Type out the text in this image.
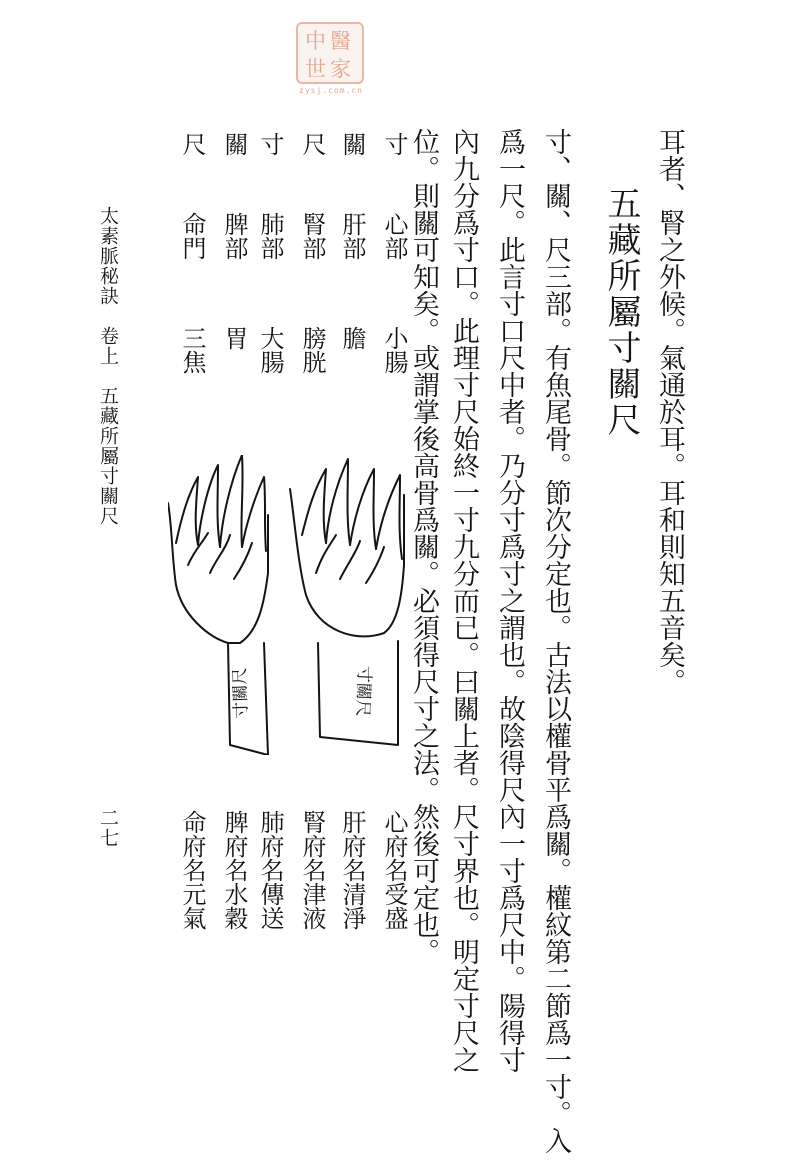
中醫世家
zysj.com.cn
耳者、腎之外候。氣通於耳。耳和則知五音矣。
五藏所屬寸關尺
寸、關、尺三部。有魚尾骨。節次分定也。古法以權骨平爲關。權紋第二節爲一寸。入
爲一尺。此言寸口尺中者。乃分寸爲寸之謂也。故陰得尺內一寸爲尺中。陽得寸
內九分爲寸口。此理寸尺始終一寸九分而已。曰關上者。尺寸界也。明定寸尺之
位。則關可知矣。或謂掌後高骨爲關。必須得尺寸之法。然後可定也。
寸
心部
小腸
心府名受盛
關
肝部
膽
肝府名清淨
尺
腎部
膀胱
腎府名津液
寸
肺部
大腸
肺府名傳送
關
脾部
胃
脾府名水穀
尺
命門
三焦
命府名元氣
寸關尺	寸關尺
太素脈秘訣　卷上　五藏所屬寸關尺
二七
